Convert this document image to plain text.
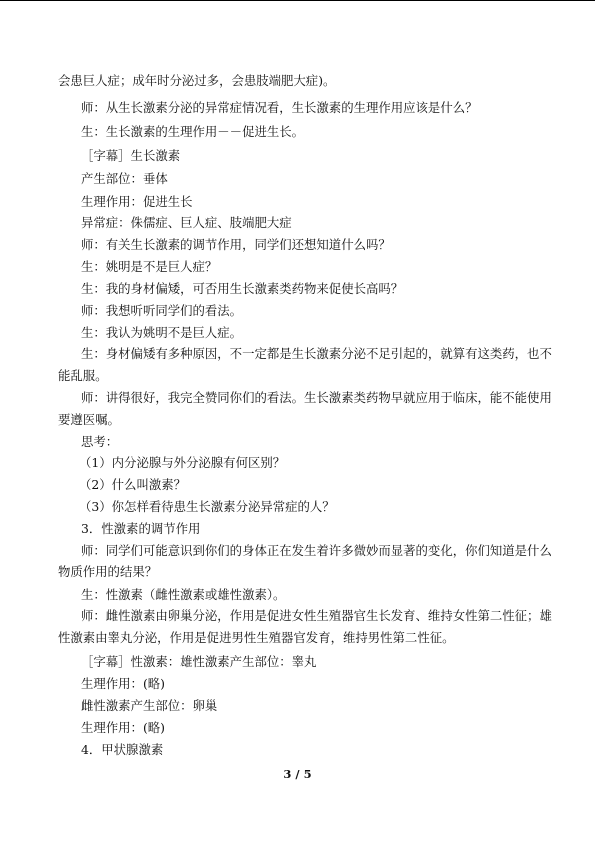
会患巨人症；成年时分泌过多，会患肢端肥大症)。
师：从生长激素分泌的异常症情况看，生长激素的生理作用应该是什么？
生：生长激素的生理作用－－促进生长。
［字幕］生长激素
产生部位：垂体
生理作用：促进生长
异常症：侏儒症、巨人症、肢端肥大症
师：有关生长激素的调节作用，同学们还想知道什么吗？
生：姚明是不是巨人症？
生：我的身材偏矮，可否用生长激素类药物来促使长高吗？
师：我想听听同学们的看法。
生：我认为姚明不是巨人症。
生：身材偏矮有多种原因，不一定都是生长激素分泌不足引起的，就算有这类药，也不
能乱服。
师：讲得很好，我完全赞同你们的看法。生长激素类药物早就应用于临床，能不能使用
要遵医嘱。
思考：
（1）内分泌腺与外分泌腺有何区别？
（2）什么叫激素？
（3）你怎样看待患生长激素分泌异常症的人？
3．性激素的调节作用
师：同学们可能意识到你们的身体正在发生着许多微妙而显著的变化，你们知道是什么
物质作用的结果？
生：性激素（雌性激素或雄性激素）。
师：雌性激素由卵巢分泌，作用是促进女性生殖器官生长发育、维持女性第二性征；雄
性激素由睾丸分泌，作用是促进男性生殖器官发育，维持男性第二性征。
［字幕］性激素：雄性激素产生部位：睾丸
生理作用：(略)
雌性激素产生部位：卵巢
生理作用：(略)
4．甲状腺激素
3 / 5
